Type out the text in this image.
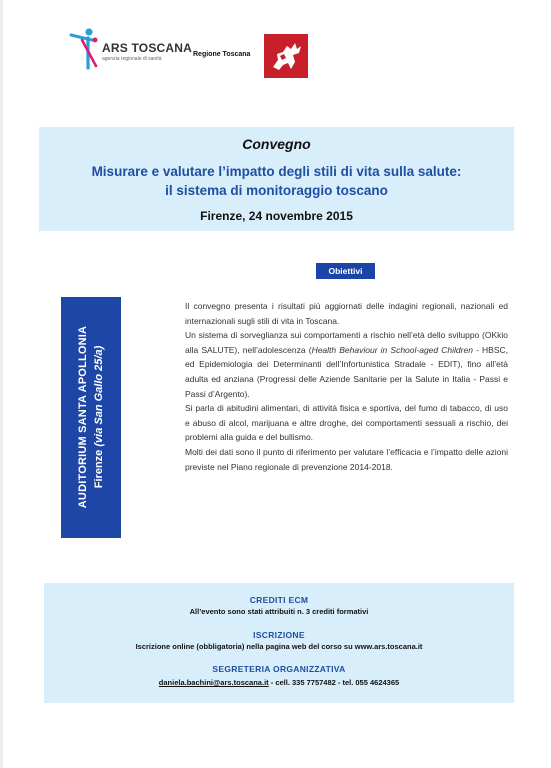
ARS TOSCANA
agenzia regionale di sanità
Regione Toscana
Convegno
Misurare e valutare l’impatto degli stili di vita sulla salute:
il sistema di monitoraggio toscano
Firenze, 24 novembre 2015
Obiettivi
AUDITORIUM SANTA APOLLONIA Firenze (via San Gallo 25/a)

Il convegno presenta i risultati più aggiornati delle indagini regionali, nazionali ed internazionali sugli stili di vita in Toscana.

Un sistema di sorveglianza sui comportamenti a rischio nell’età dello sviluppo (OKkio alla SALUTE), nell’adolescenza (Health Behaviour in School-aged Children - HBSC, ed Epidemiologia dei Determinanti dell’Infortunistica Stradale - EDIT), fino all’età adulta ed anziana (Progressi delle Aziende Sanitarie per la Salute in Italia - Passi e Passi d’Argento).

Si parla di abitudini alimentari, di attività fisica e sportiva, del fumo di tabacco, di uso e abuso di alcol, marijuana e altre droghe, dei comportamenti sessuali a rischio, dei problemi alla guida e del bullismo.

Molti dei dati sono il punto di riferimento per valutare l’efficacia e l’impatto delle azioni previste nel Piano regionale di prevenzione 2014-2018.

CREDITI ECM
All’evento sono stati attribuiti n. 3 crediti formativi
ISCRIZIONE
Iscrizione online (obbligatoria) nella pagina web del corso su www.ars.toscana.it
SEGRETERIA ORGANIZZATIVA
daniela.bachini@ars.toscana.it - cell. 335 7757482 - tel. 055 4624365
